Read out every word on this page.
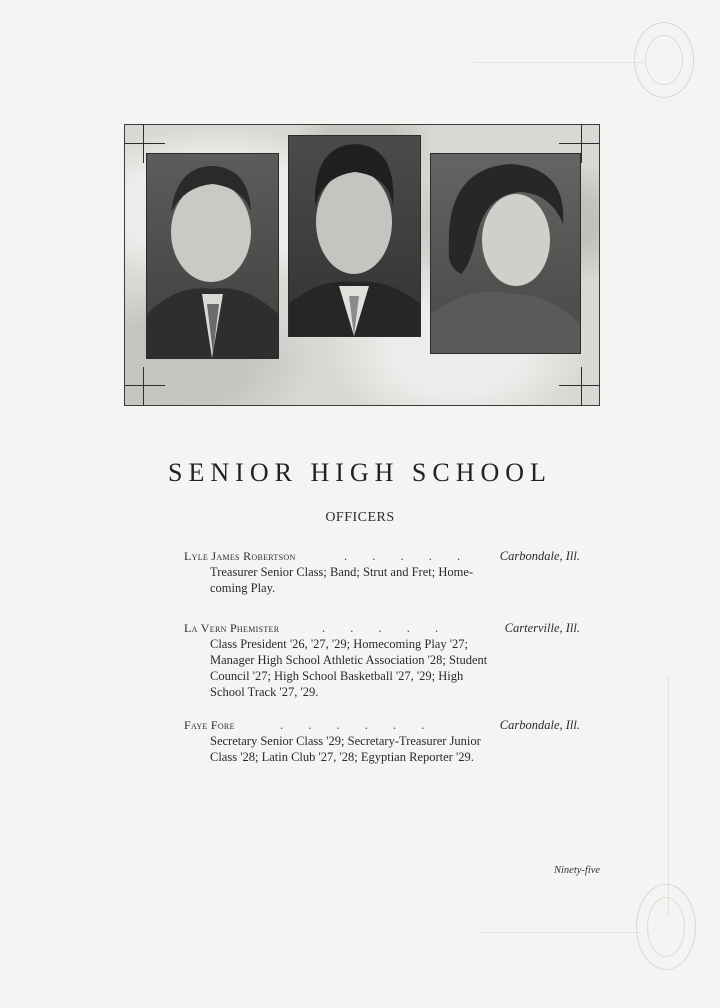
SENIOR HIGH SCHOOL
OFFICERS
Lyle James Robertson	. . . . . Carbondale, Ill.
Treasurer Senior Class; Band; Strut and Fret; Home-
coming Play.
La Vern Phemister	. . . . .	Carterville, Ill.
Class President '26, '27, '29; Homecoming Play '27;
Manager High School Athletic Association '28; Student
Council '27; High School Basketball '27, '29; High
School Track '27, '29.
Faye Fore	. . . . . .	Carbondale, Ill.
Secretary Senior Class '29; Secretary-Treasurer Junior
Class '28; Latin Club '27, '28; Egyptian Reporter '29.
Ninety-five
